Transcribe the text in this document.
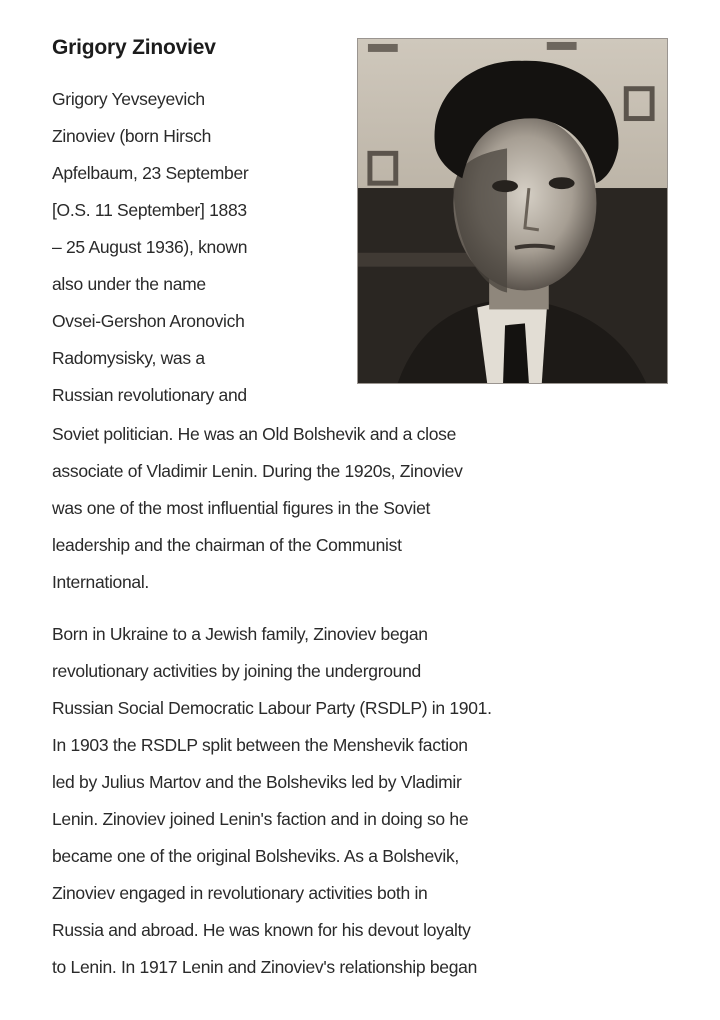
Grigory Zinoviev
Grigory Yevseyevich
Zinoviev (born Hirsch
Apfelbaum, 23 September
[O.S. 11 September] 1883
– 25 August 1936), known
also under the name
Ovsei-Gershon Aronovich
Radomysisky, was a
Russian revolutionary and
Soviet politician. He was an Old Bolshevik and a close
associate of Vladimir Lenin. During the 1920s, Zinoviev
was one of the most influential figures in the Soviet
leadership and the chairman of the Communist
International.
Born in Ukraine to a Jewish family, Zinoviev began
revolutionary activities by joining the underground
Russian Social Democratic Labour Party (RSDLP) in 1901.
In 1903 the RSDLP split between the Menshevik faction
led by Julius Martov and the Bolsheviks led by Vladimir
Lenin. Zinoviev joined Lenin's faction and in doing so he
became one of the original Bolsheviks. As a Bolshevik,
Zinoviev engaged in revolutionary activities both in
Russia and abroad. He was known for his devout loyalty
to Lenin. In 1917 Lenin and Zinoviev's relationship began
